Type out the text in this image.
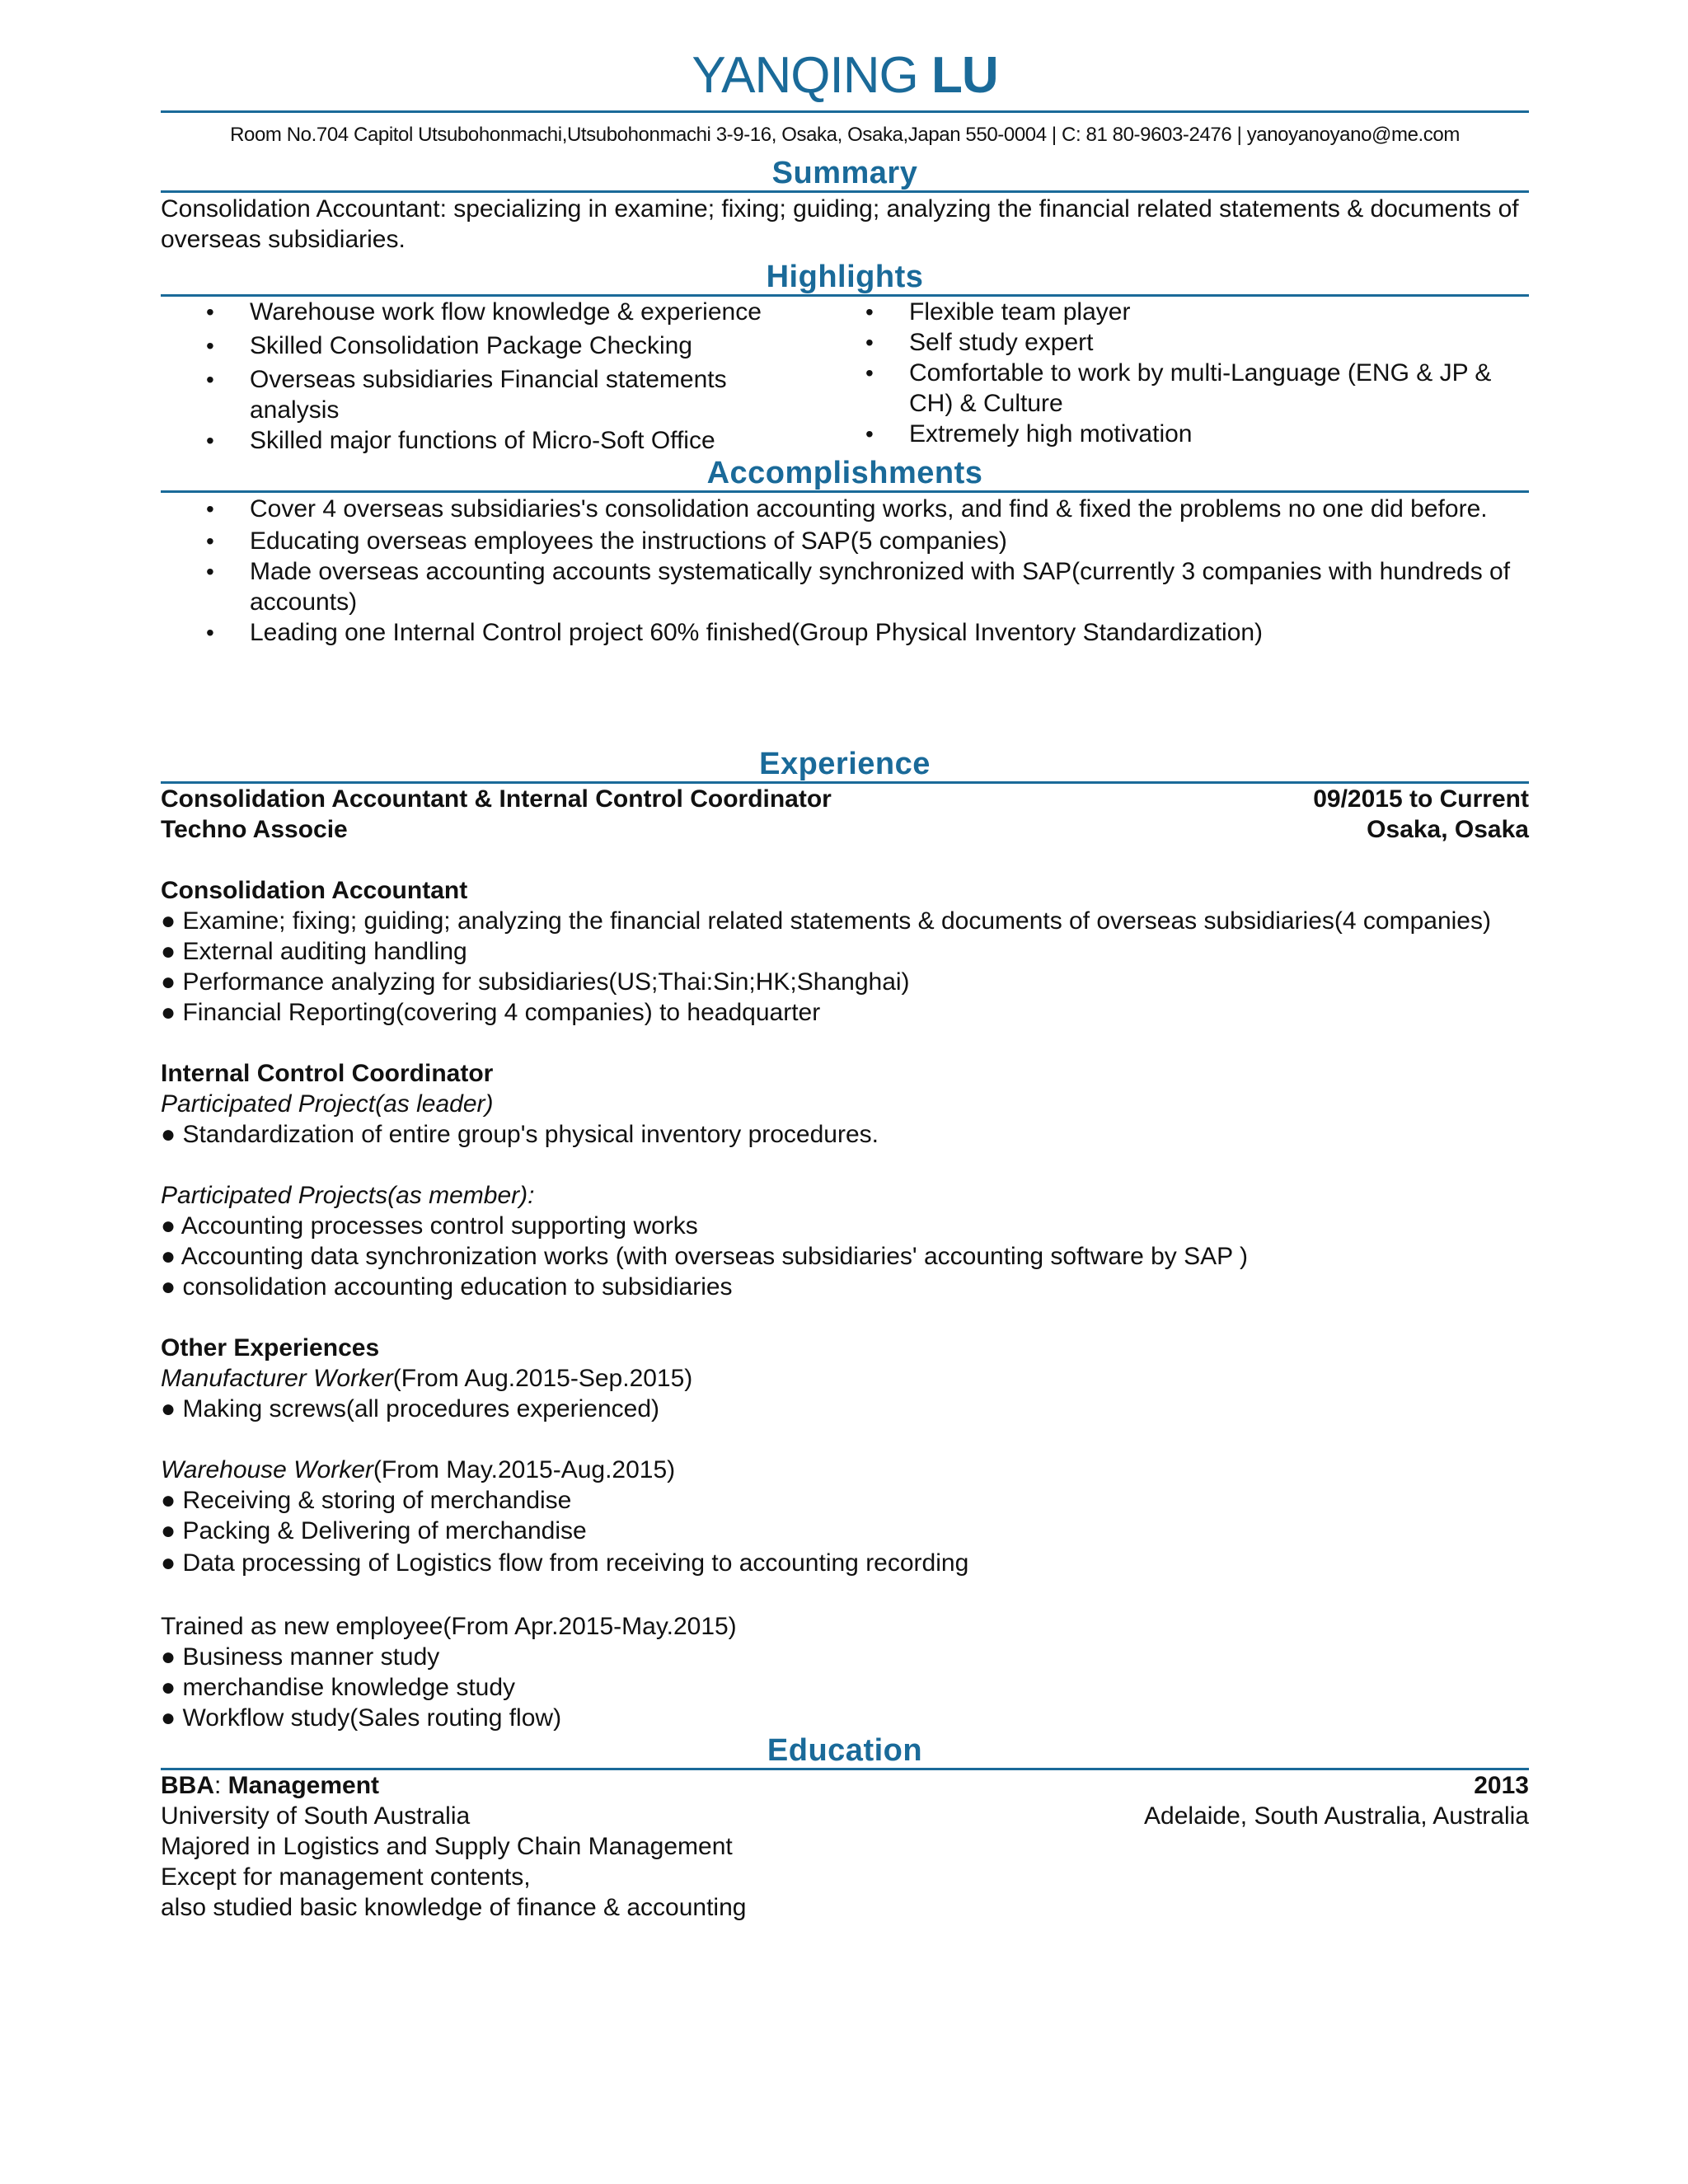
YANQING LU
Room No.704 Capitol Utsubohonmachi,Utsubohonmachi 3-9-16, Osaka, Osaka,Japan 550-0004 | C: 81 80-9603-2476 | yanoyanoyano@me.com
Summary
Consolidation Accountant: specializing in examine; fixing; guiding; analyzing the financial related statements & documents of overseas subsidiaries.
Highlights
• Warehouse work flow knowledge & experience
• Skilled Consolidation Package Checking
• Overseas subsidiaries Financial statements analysis
• Skilled major functions of Micro-Soft Office
• Flexible team player
• Self study expert
• Comfortable to work by multi-Language (ENG & JP & CH) & Culture
• Extremely high motivation
Accomplishments
• Cover 4 overseas subsidiaries's consolidation accounting works, and find & fixed the problems no one did before.
• Educating overseas employees the instructions of SAP(5 companies)
• Made overseas accounting accounts systematically synchronized with SAP(currently 3 companies with hundreds of accounts)
• Leading one Internal Control project 60% finished(Group Physical Inventory Standardization)
Experience
Consolidation Accountant & Internal Control Coordinator	09/2015 to Current
Techno Associe	Osaka, Osaka
Consolidation Accountant
● Examine; fixing; guiding; analyzing the financial related statements & documents of overseas subsidiaries(4 companies)
● External auditing handling
● Performance analyzing for subsidiaries(US;Thai:Sin;HK;Shanghai)
● Financial Reporting(covering 4 companies) to headquarter
Internal Control Coordinator
Participated Project(as leader)
● Standardization of entire group's physical inventory procedures.
Participated Projects(as member):
● Accounting processes control supporting works
● Accounting data synchronization works (with overseas subsidiaries' accounting software by SAP )
● consolidation accounting education to subsidiaries
Other Experiences
Manufacturer Worker(From Aug.2015-Sep.2015)
● Making screws(all procedures experienced)
Warehouse Worker(From May.2015-Aug.2015)
● Receiving & storing of merchandise
● Packing & Delivering of merchandise
● Data processing of Logistics flow from receiving to accounting recording
Trained as new employee(From Apr.2015-May.2015)
● Business manner study
● merchandise knowledge study
● Workflow study(Sales routing flow)
Education
BBA: Management	2013
University of South Australia	Adelaide, South Australia, Australia
Majored in Logistics and Supply Chain Management
Except for management contents,
also studied basic knowledge of finance & accounting
